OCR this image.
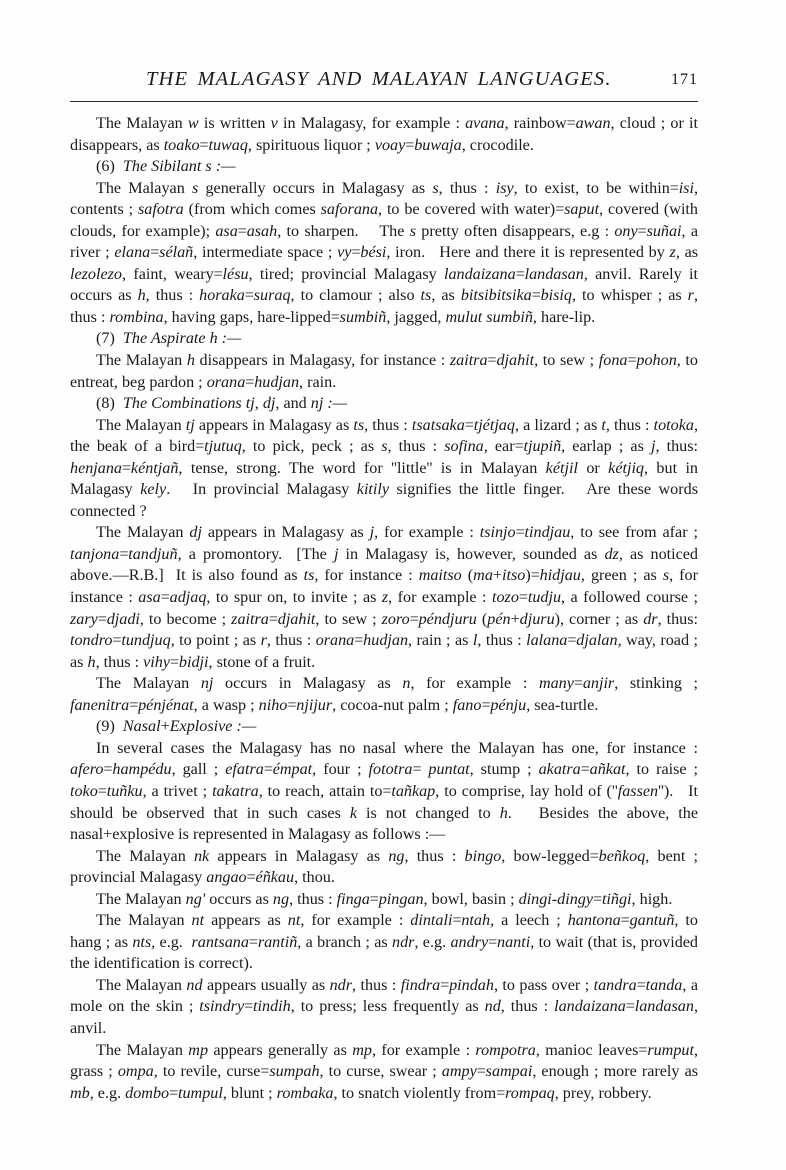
THE MALAGASY AND MALAYAN LANGUAGES.	171

The Malayan w is written v in Malagasy, for example : avana, rainbow=awan, cloud ; or it disappears, as toako=tuwaq, spirituous liquor ; voay=buwaja, crocodile.

(6)  The Sibilant s :—

The Malayan s generally occurs in Malagasy as s, thus : isy, to exist, to be within=isi, contents ; safotra (from which comes saforana, to be covered with water)=saput, covered (with clouds, for example); asa=asah, to sharpen.    The s pretty often disappears, e.g : ony=suñai, a river ; elana=sélañ, intermediate space ; vy=bési, iron.   Here and there it is represented by z, as lezolezo, faint, weary=lésu, tired; provincial Malagasy landaizana=landasan, anvil. Rarely it occurs as h, thus : horaka=suraq, to clamour ; also ts, as bitsibitsika=bisiq, to whisper ; as r, thus : rombina, having gaps, hare-lipped=sumbiñ, jagged, mulut sumbiñ, hare-lip.

(7)  The Aspirate h :—

The Malayan h disappears in Malagasy, for instance : zaitra=djahit, to sew ; fona=pohon, to entreat, beg pardon ; orana=hudjan, rain.

(8)  The Combinations tj, dj, and nj :—

The Malayan tj appears in Malagasy as ts, thus : tsatsaka=tjétjaq, a lizard ; as t, thus : totoka, the beak of a bird=tjutuq, to pick, peck ; as s, thus : sofina, ear=tjupiñ, earlap ; as j, thus: henjana=kéntjañ, tense, strong. The word for ''little'' is in Malayan kétjil or kétjiq, but in Malagasy kely.   In provincial Malagasy kitily signifies the little finger.   Are these words connected ?

The Malayan dj appears in Malagasy as j, for example : tsinjo=tindjau, to see from afar ; tanjona=tandjuñ, a promontory.  [The j in Malagasy is, however, sounded as dz, as noticed above.—R.B.]  It is also found as ts, for instance : maitso (ma+itso)=hidjau, green ; as s, for instance : asa=adjaq, to spur on, to invite ; as z, for example : tozo=tudju, a followed course ; zary=djadi, to become ; zaitra=djahit, to sew ; zoro=péndjuru (pén+djuru), corner ; as dr, thus: tondro=tundjuq, to point ; as r, thus : orana=hudjan, rain ; as l, thus : lalana=djalan, way, road ; as h, thus : vihy=bidji, stone of a fruit.

The Malayan nj occurs in Malagasy as n, for example : many=anjir, stinking ; fanenitra=pénjénat, a wasp ; niho=njijur, cocoa-nut palm ; fano=pénju, sea-turtle.

(9)  Nasal+Explosive :—

In several cases the Malagasy has no nasal where the Malayan has one, for instance : afero=hampédu, gall ; efatra=émpat, four ; fototra= puntat, stump ; akatra=añkat, to raise ; toko=tuñku, a trivet ; takatra, to reach, attain to=tañkap, to comprise, lay hold of (''fassen'').   It should be observed that in such cases k is not changed to h.   Besides the above, the nasal+explosive is represented in Malagasy as follows :—

The Malayan nk appears in Malagasy as ng, thus : bingo, bow-legged=beñkoq, bent ; provincial Malagasy angao=éñkau, thou.

The Malayan ng' occurs as ng, thus : finga=pingan, bowl, basin ; dingi-dingy=tiñgi, high.

The Malayan nt appears as nt, for example : dintali=ntah, a leech ; hantona=gantuñ, to hang ; as nts, e.g.  rantsana=rantiñ, a branch ; as ndr, e.g. andry=nanti, to wait (that is, provided the identification is correct).

The Malayan nd appears usually as ndr, thus : findra=pindah, to pass over ; tandra=tanda, a mole on the skin ; tsindry=tindih, to press; less frequently as nd, thus : landaizana=landasan, anvil.

The Malayan mp appears generally as mp, for example : rompotra, manioc leaves=rumput, grass ; ompa, to revile, curse=sumpah, to curse, swear ; ampy=sampai, enough ; more rarely as mb, e.g. dombo=tumpul, blunt ; rombaka, to snatch violently from=rompaq, prey, robbery.
